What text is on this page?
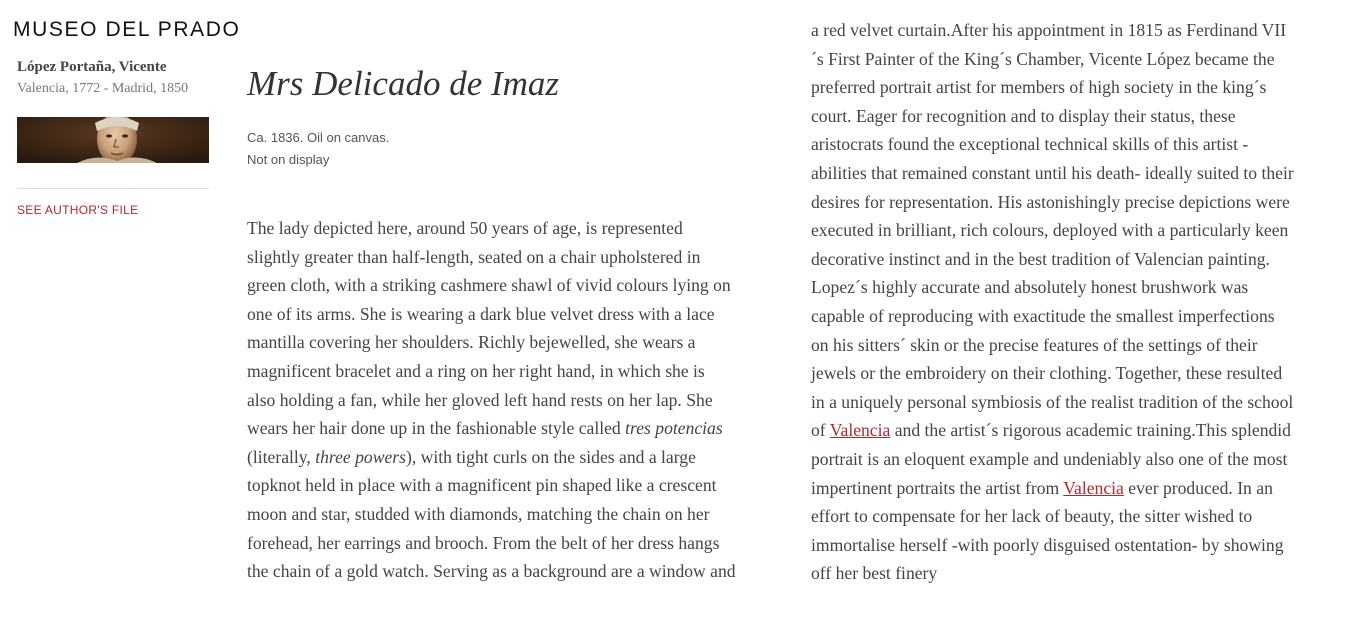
MUSEO DEL PRADO
López Portaña, Vicente
Valencia, 1772 - Madrid, 1850
SEE AUTHOR'S FILE
Mrs Delicado de Imaz
Ca. 1836. Oil on canvas.
Not on display
The lady depicted here, around 50 years of age, is represented
slightly greater than half-length, seated on a chair upholstered in
green cloth, with a striking cashmere shawl of vivid colours lying on
one of its arms. She is wearing a dark blue velvet dress with a lace
mantilla covering her shoulders. Richly bejewelled, she wears a
magnificent bracelet and a ring on her right hand, in which she is
also holding a fan, while her gloved left hand rests on her lap. She
wears her hair done up in the fashionable style called tres potencias
(literally, three powers), with tight curls on the sides and a large
topknot held in place with a magnificent pin shaped like a crescent
moon and star, studded with diamonds, matching the chain on her
forehead, her earrings and brooch. From the belt of her dress hangs
the chain of a gold watch. Serving as a background are a window and
a red velvet curtain.After his appointment in 1815 as Ferdinand VII
´s First Painter of the King´s Chamber, Vicente López became the
preferred portrait artist for members of high society in the king´s
court. Eager for recognition and to display their status, these
aristocrats found the exceptional technical skills of this artist -
abilities that remained constant until his death- ideally suited to their
desires for representation. His astonishingly precise depictions were
executed in brilliant, rich colours, deployed with a particularly keen
decorative instinct and in the best tradition of Valencian painting.
Lopez´s highly accurate and absolutely honest brushwork was
capable of reproducing with exactitude the smallest imperfections
on his sitters´ skin or the precise features of the settings of their
jewels or the embroidery on their clothing. Together, these resulted
in a uniquely personal symbiosis of the realist tradition of the school
of Valencia and the artist´s rigorous academic training.This splendid
portrait is an eloquent example and undeniably also one of the most
impertinent portraits the artist from Valencia ever produced. In an
effort to compensate for her lack of beauty, the sitter wished to
immortalise herself -with poorly disguised ostentation- by showing
off her best finery
